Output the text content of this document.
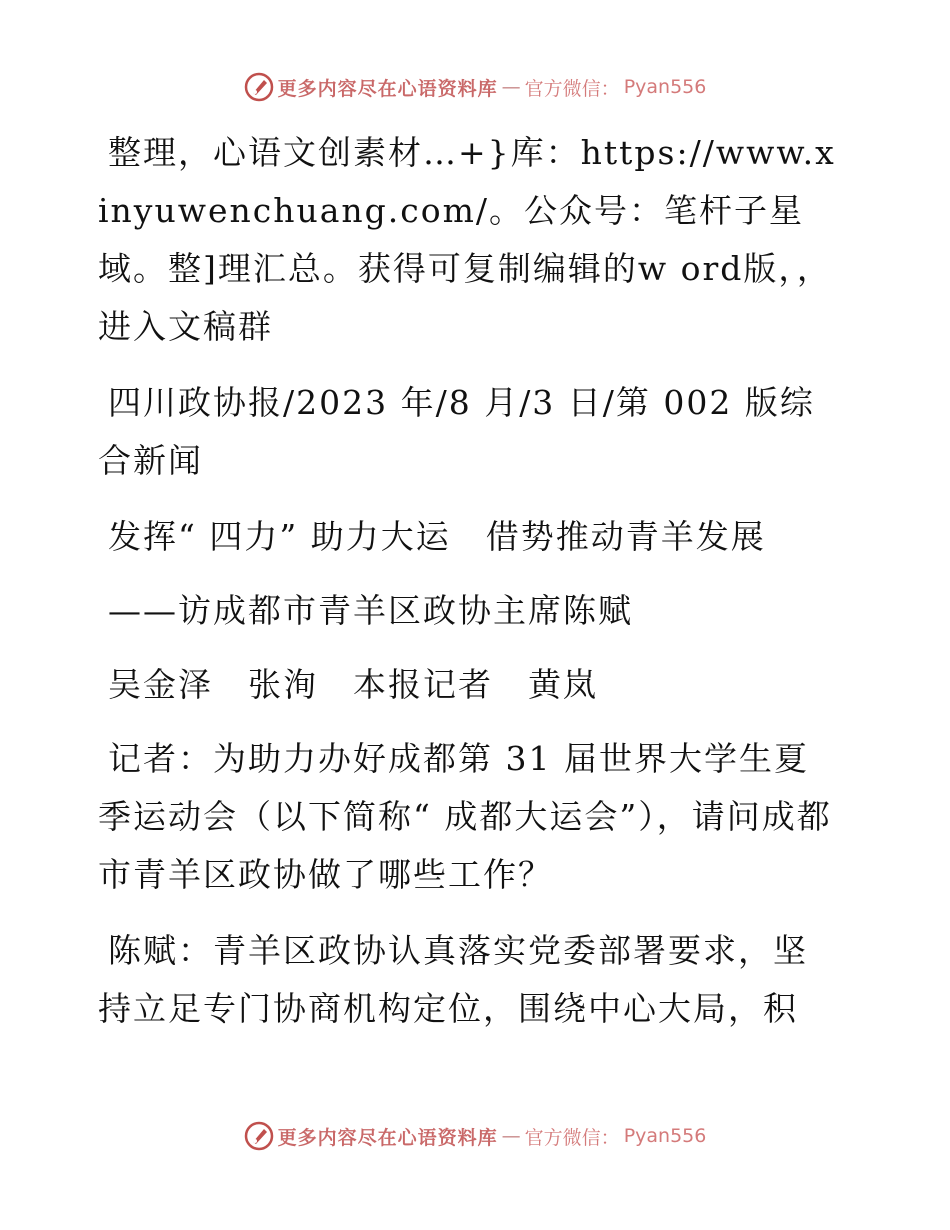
更多内容尽在心语资料库 — 官方微信： Pyan556

整理，心语文创素材…+}库：https://www.xinyuwenchuang.com/。公众号：笔杆子星域。整]理汇总。获得可复制编辑的w ord版，，进入文稿群

四川政协报/2023 年/8 月/3 日/第 002 版综合新闻

发挥“ 四力” 助力大运　借势推动青羊发展

——访成都市青羊区政协主席陈赋

吴金泽　张洵　本报记者　黄岚

记者：为助力办好成都第 31 届世界大学生夏季运动会（以下简称“ 成都大运会”），请问成都市青羊区政协做了哪些工作？

陈赋：青羊区政协认真落实党委部署要求，坚持立足专门协商机构定位，围绕中心大局，积

更多内容尽在心语资料库 — 官方微信： Pyan556
